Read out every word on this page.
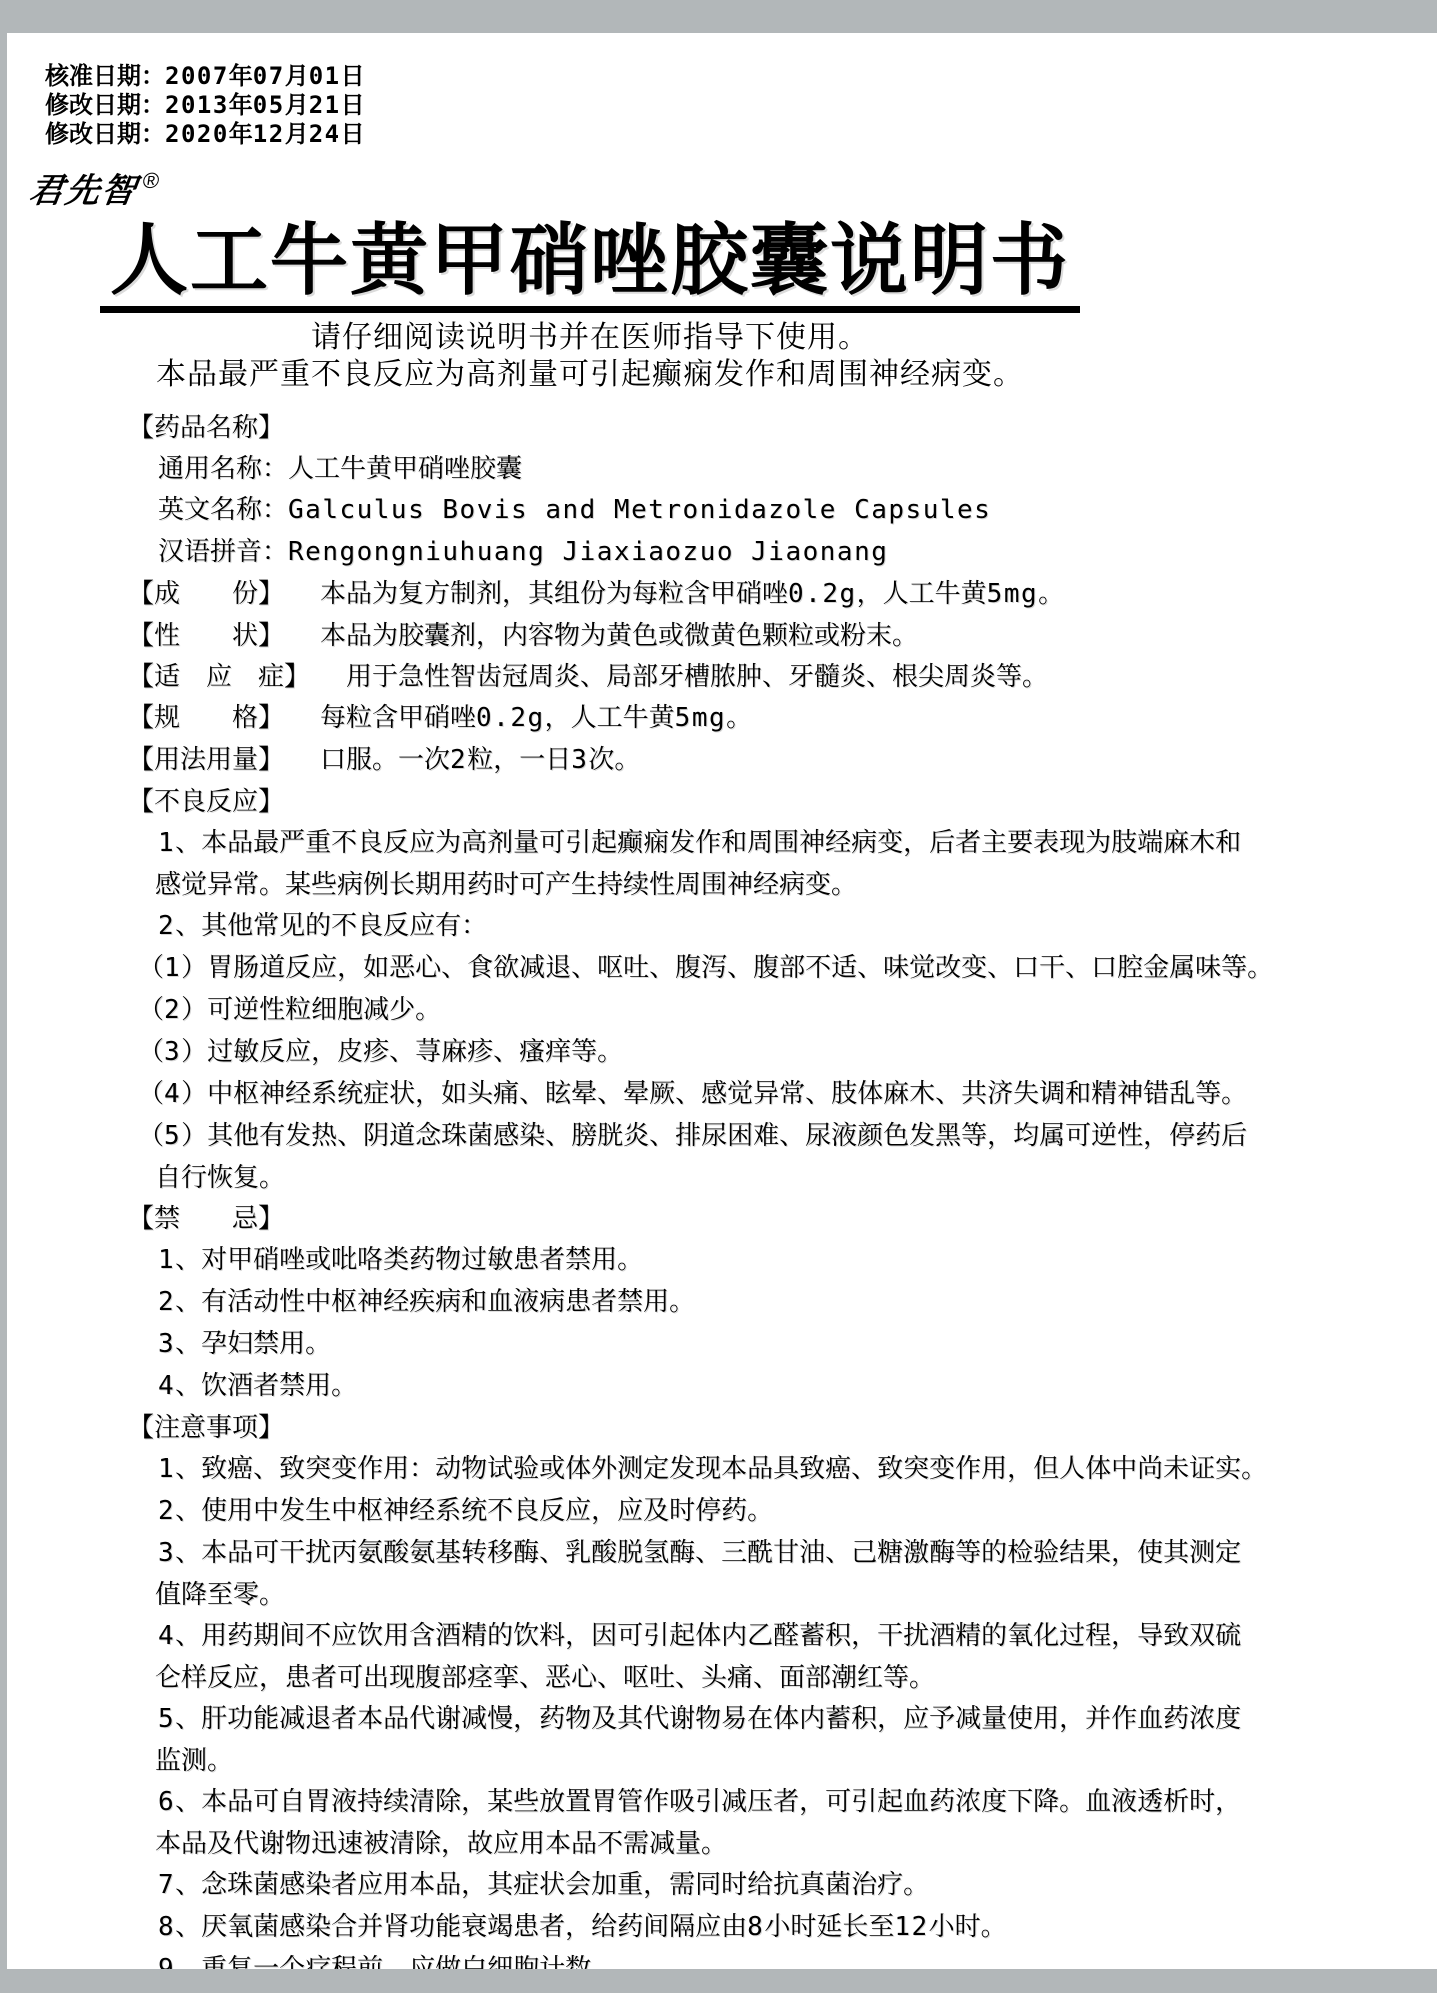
核准日期：2007年07月01日
修改日期：2013年05月21日
修改日期：2020年12月24日
君先智®
人工牛黄甲硝唑胶囊说明书
请仔细阅读说明书并在医师指导下使用。
本品最严重不良反应为高剂量可引起癫痫发作和周围神经病变。
【药品名称】
通用名称：人工牛黄甲硝唑胶囊
英文名称：Galculus Bovis and Metronidazole Capsules
汉语拼音：Rengongniuhuang Jiaxiaozuo Jiaonang
【成　　份】 本品为复方制剂，其组份为每粒含甲硝唑0.2g，人工牛黄5mg。
【性　　状】 本品为胶囊剂，内容物为黄色或微黄色颗粒或粉末。
【适　应　症】 用于急性智齿冠周炎、局部牙槽脓肿、牙髓炎、根尖周炎等。
【规　　格】 每粒含甲硝唑0.2g，人工牛黄5mg。
【用法用量】 口服。一次2粒，一日3次。
【不良反应】
1、本品最严重不良反应为高剂量可引起癫痫发作和周围神经病变，后者主要表现为肢端麻木和
感觉异常。某些病例长期用药时可产生持续性周围神经病变。
2、其他常见的不良反应有：
（1）胃肠道反应，如恶心、食欲减退、呕吐、腹泻、腹部不适、味觉改变、口干、口腔金属味等。
（2）可逆性粒细胞减少。
（3）过敏反应，皮疹、荨麻疹、瘙痒等。
（4）中枢神经系统症状，如头痛、眩晕、晕厥、感觉异常、肢体麻木、共济失调和精神错乱等。
（5）其他有发热、阴道念珠菌感染、膀胱炎、排尿困难、尿液颜色发黑等，均属可逆性，停药后
自行恢复。
【禁　　忌】
1、对甲硝唑或吡咯类药物过敏患者禁用。
2、有活动性中枢神经疾病和血液病患者禁用。
3、孕妇禁用。
4、饮酒者禁用。
【注意事项】
1、致癌、致突变作用：动物试验或体外测定发现本品具致癌、致突变作用，但人体中尚未证实。
2、使用中发生中枢神经系统不良反应，应及时停药。
3、本品可干扰丙氨酸氨基转移酶、乳酸脱氢酶、三酰甘油、己糖激酶等的检验结果，使其测定
值降至零。
4、用药期间不应饮用含酒精的饮料，因可引起体内乙醛蓄积，干扰酒精的氧化过程，导致双硫
仑样反应，患者可出现腹部痉挛、恶心、呕吐、头痛、面部潮红等。
5、肝功能减退者本品代谢减慢，药物及其代谢物易在体内蓄积，应予减量使用，并作血药浓度
监测。
6、本品可自胃液持续清除，某些放置胃管作吸引减压者，可引起血药浓度下降。血液透析时，
本品及代谢物迅速被清除，故应用本品不需减量。
7、念珠菌感染者应用本品，其症状会加重，需同时给抗真菌治疗。
8、厌氧菌感染合并肾功能衰竭患者，给药间隔应由8小时延长至12小时。
